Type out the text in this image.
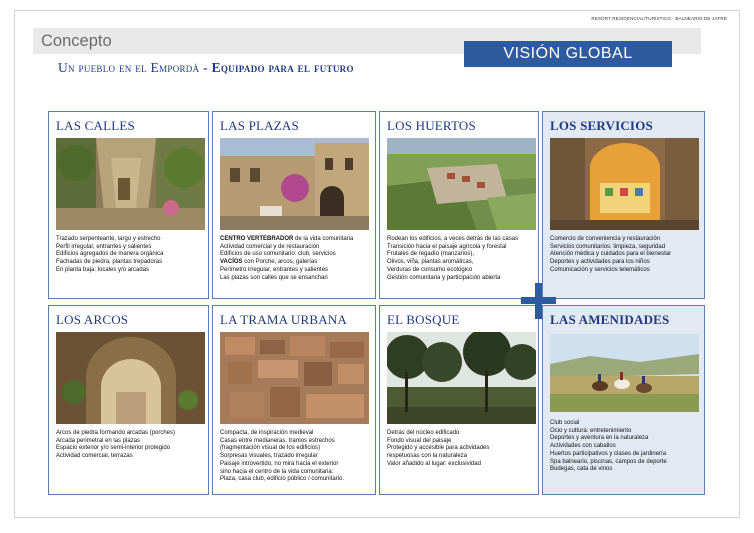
RESORT RESIDENCIAL/TURÍSTICO - BALNEARIO DE JAFRE
Concepto
VISIÓN GLOBAL
Un pueblo en el Empordà - Equipado para el futuro
LAS CALLES
Trazado serpenteante, largo y estrecho
Perfil irregular, entrantes y salientes
Edificios agregados de manera orgánica
Fachadas de piedra, plantas trepadoras
En planta baja: locales y/o arcadas
LAS PLAZAS
CENTRO VERTEBRADOR de la vida comunitaria
Actividad comercial y de restauración
Edificios de uso comunitario: club, servicios
VACÍOS con Porche, arcos, galerías
Perímetro irregular, entrantes y salientes
Las plazas son calles que se ensanchan
LOS HUERTOS
Rodean los edificios, a veces detrás de las casas
Transición hacia el paisaje agrícola y forestal
Frutales de regadío (manzanos),
Olivos, viña, plantas aromáticas,
Verduras de consumo ecológico
Gestión comunitaria y participación abierta
LOS SERVICIOS
Comercio de conveniencia y restauración
Servicios comunitarios: limpieza, seguridad
Atención médica y cuidados para el bienestar
Deportes y actividades para los niños
Comunicación y servicios telemáticos
LOS ARCOS
Arcos de piedra formando arcadas (porches)
Arcada perimetral en las plazas
Espacio exterior y/o semi-interior protegido
Actividad comercial, terrazas
LA TRAMA URBANA
Compacta, de inspiración medieval
Casas entre medianeras, tramos estrechos
(fragmentación visual de los edificios)
Sorpresas visuales, trazado irregular
Paisaje introvertido, no mira hacia el exterior
sino hacia el centro de la vida comunitaria:
Plaza, casa club, edificio público / comunitario.
EL BOSQUE
Detrás del núcleo edificado
Fondo visual del paisaje
Protegido y accesible para actividades
respetuosas con la naturaleza
Valor añadido al lugar: exclusividad
LAS AMENIDADES
Club social
Ocio y cultura: entretenimiento
Deportes y aventura en la naturaleza
Actividades con caballos
Huertos participativos y clases de jardinería
Spa balneario, piscinas, campos de deporte
Bodegas, cata de vinos
